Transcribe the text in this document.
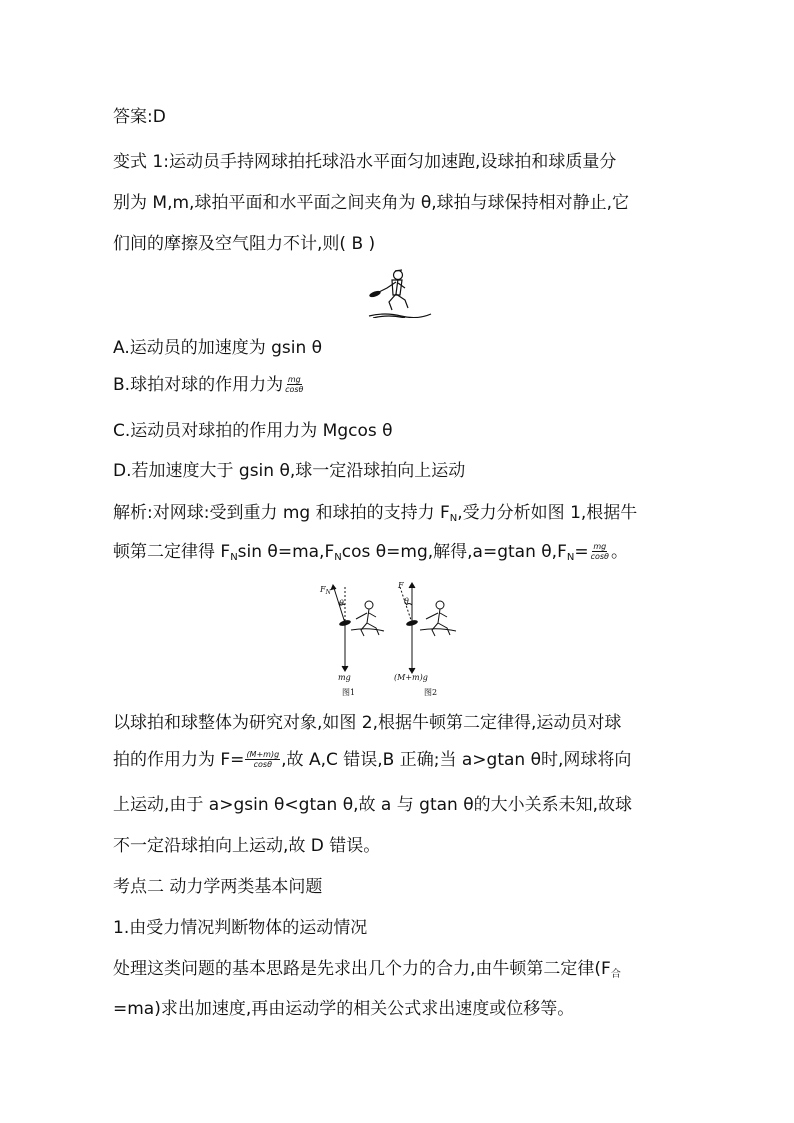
答案:D
变式 1:运动员手持网球拍托球沿水平面匀加速跑,设球拍和球质量分
别为 M,m,球拍平面和水平面之间夹角为 θ,球拍与球保持相对静止,它
们间的摩擦及空气阻力不计,则( B )
A.运动员的加速度为 gsin θ
B.球拍对球的作用力为 $\frac{mg}{\cos\theta}$
C.运动员对球拍的作用力为 Mgcos θ
D.若加速度大于 gsin θ,球一定沿球拍向上运动
解析:对网球:受到重力 mg 和球拍的支持力 $F_N$,受力分析如图 1,根据牛
顿第二定律得 $F_N\sin$ $\theta=ma,F_N\cos$ θ=mg,解得,a=gtan $\theta,F_N= \frac{mg}{\cos\theta}$ 。
$F_N$
θ
mg
图1
F
θ
(M+m)g
图2
以球拍和球整体为研究对象,如图 2,根据牛顿第二定律得,运动员对球
拍的作用力为 $F= \frac{(M+m)g}{\cos\theta}$ ,故 A,C 错误,B 正确;当 a>gtan θ时,网球将向
上运动,由于 a>gsin θ<gtan θ,故 a 与 gtan θ的大小关系未知,故球
不一定沿球拍向上运动,故 D 错误。
考点二 动力学两类基本问题
1.由受力情况判断物体的运动情况
处理这类问题的基本思路是先求出几个力的合力,由牛顿第二定律($F_合$
=ma)求出加速度,再由运动学的相关公式求出速度或位移等。
